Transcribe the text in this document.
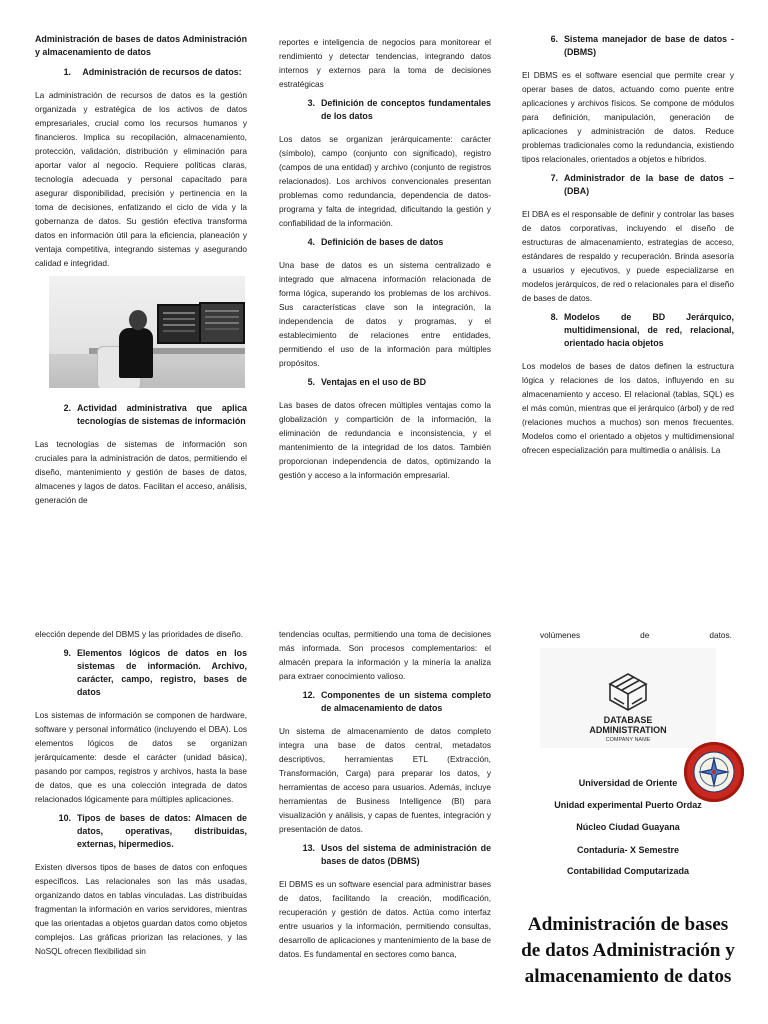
Administración de bases de datos Administración y almacenamiento de datos
1.	Administración de recursos de datos:

La administración de recursos de datos es la gestión organizada y estratégica de los activos de datos empresariales, crucial como los recursos humanos y financieros. Implica su recopilación, almacenamiento, protección, validación, distribución y eliminación para aportar valor al negocio. Requiere políticas claras, tecnología adecuada y personal capacitado para asegurar disponibilidad, precisión y pertinencia en la toma de decisiones, enfatizando el ciclo de vida y la gobernanza de datos. Su gestión efectiva transforma datos en información útil para la eficiencia, planeación y ventaja competitiva, integrando sistemas y asegurando calidad e integridad.

2. Actividad administrativa que aplica tecnologías de sistemas de información

Las tecnologías de sistemas de información son cruciales para la administración de datos, permitiendo el diseño, mantenimiento y gestión de bases de datos, almacenes y lagos de datos. Facilitan el acceso, análisis, generación de

reportes e inteligencia de negocios para monitorear el rendimiento y detectar tendencias, integrando datos internos y externos para la toma de decisiones estratégicas

3. Definición de conceptos fundamentales de los datos

Los datos se organizan jerárquicamente: carácter (símbolo), campo (conjunto con significado), registro (campos de una entidad) y archivo (conjunto de registros relacionados). Los archivos convencionales presentan problemas como redundancia, dependencia de datos-programa y falta de integridad, dificultando la gestión y confiabilidad de la información.

4. Definición de bases de datos

Una base de datos es un sistema centralizado e integrado que almacena información relacionada de forma lógica, superando los problemas de los archivos. Sus características clave son la integración, la independencia de datos y programas, y el establecimiento de relaciones entre entidades, permitiendo el uso de la información para múltiples propósitos.

5. Ventajas en el uso de BD

Las bases de datos ofrecen múltiples ventajas como la globalización y compartición de la información, la eliminación de redundancia e inconsistencia, y el mantenimiento de la integridad de los datos. También proporcionan independencia de datos, optimizando la gestión y acceso a la información empresarial.

6. Sistema manejador de base de datos - (DBMS)

El DBMS es el software esencial que permite crear y operar bases de datos, actuando como puente entre aplicaciones y archivos físicos. Se compone de módulos para definición, manipulación, generación de aplicaciones y administración de datos. Reduce problemas tradicionales como la redundancia, existiendo tipos relacionales, orientados a objetos e híbridos.

7. Administrador de la base de datos – (DBA)

El DBA es el responsable de definir y controlar las bases de datos corporativas, incluyendo el diseño de estructuras de almacenamiento, estrategias de acceso, estándares de respaldo y recuperación. Brinda asesoría a usuarios y ejecutivos, y puede especializarse en modelos jerárquicos, de red o relacionales para el diseño de bases de datos.

8. Modelos de BD Jerárquico, multidimensional, de red, relacional, orientado hacia objetos

Los modelos de bases de datos definen la estructura lógica y relaciones de los datos, influyendo en su almacenamiento y acceso. El relacional (tablas, SQL) es el más común, mientras que el jerárquico (árbol) y de red (relaciones muchos a muchos) son menos frecuentes. Modelos como el orientado a objetos y multidimensional ofrecen especialización para multimedia o análisis. La

elección depende del DBMS y las prioridades de diseño.

9. Elementos lógicos de datos en los sistemas de información. Archivo, carácter, campo, registro, bases de datos

Los sistemas de información se componen de hardware, software y personal informático (incluyendo el DBA). Los elementos lógicos de datos se organizan jerárquicamente: desde el carácter (unidad básica), pasando por campos, registros y archivos, hasta la base de datos, que es una colección integrada de datos relacionados lógicamente para múltiples aplicaciones.

10. Tipos de bases de datos: Almacen de datos, operativas, distribuidas, externas, hipermedios.

Existen diversos tipos de bases de datos con enfoques específicos. Las relacionales son las más usadas, organizando datos en tablas vinculadas. Las distribuidas fragmentan la información en varios servidores, mientras que las orientadas a objetos guardan datos como objetos complejos. Las gráficas priorizan las relaciones, y las NoSQL ofrecen flexibilidad sin

tendencias ocultas, permitiendo una toma de decisiones más informada. Son procesos complementarios: el almacén prepara la información y la minería la analiza para extraer conocimiento valioso.

12. Componentes de un sistema completo de almacenamiento de datos

Un sistema de almacenamiento de datos completo integra una base de datos central, metadatos descriptivos, herramientas ETL (Extracción, Transformación, Carga) para preparar los datos, y herramientas de acceso para usuarios. Además, incluye herramientas de Business Intelligence (BI) para visualización y análisis, y capas de fuentes, integración y presentación de datos.

13. Usos del sistema de administración de bases de datos (DBMS)

El DBMS es un software esencial para administrar bases de datos, facilitando la creación, modificación, recuperación y gestión de datos. Actúa como interfaz entre usuarios y la información, permitiendo consultas, desarrollo de aplicaciones y mantenimiento de la base de datos. Es fundamental en sectores como banca,

volúmenes de datos.
DATABASE
ADMINISTRATION
COMPANY NAME
Universidad de Oriente
Unidad experimental Puerto Ordaz
Núcleo Ciudad Guayana
Contaduría- X Semestre
Contabilidad Computarizada
Administración de bases de datos Administración y almacenamiento de datos
